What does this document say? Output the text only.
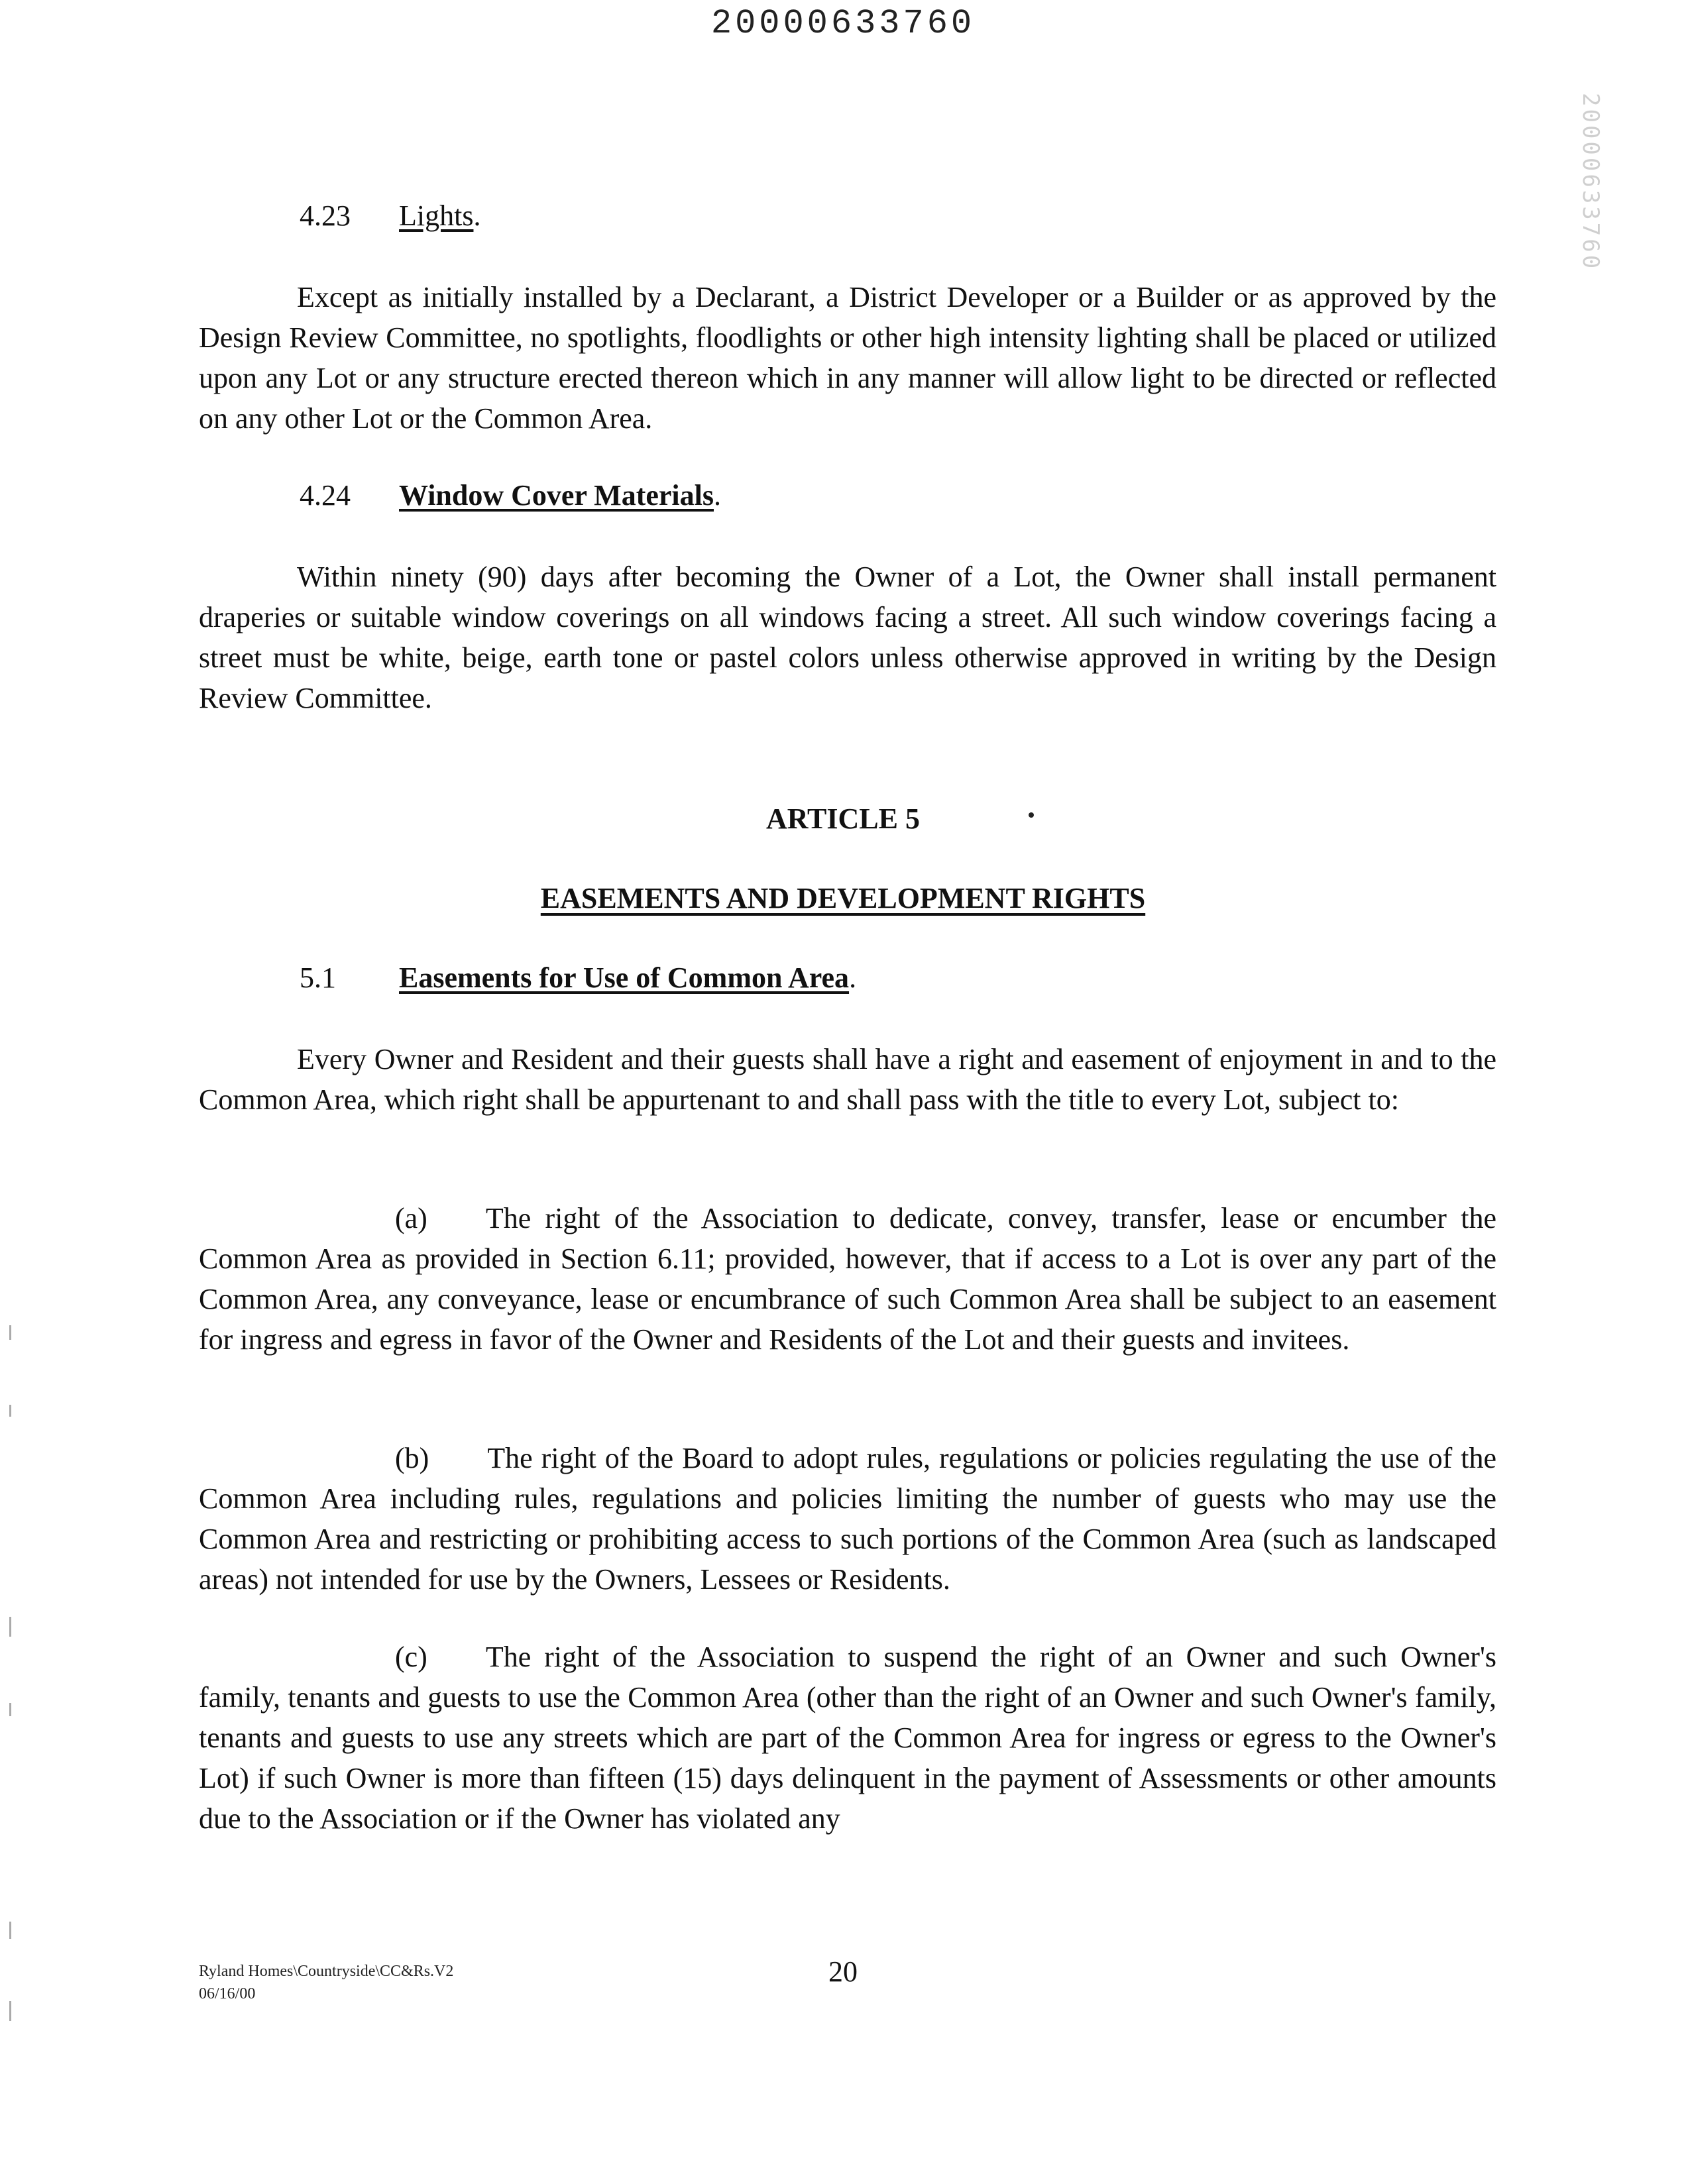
20000633760
20000633760

4.23 Lights.

Except as initially installed by a Declarant, a District Developer or a Builder or as approved by the Design Review Committee, no spotlights, floodlights or other high intensity lighting shall be placed or utilized upon any Lot or any structure erected thereon which in any manner will allow light to be directed or reflected on any other Lot or the Common Area.

4.24 Window Cover Materials.

Within ninety (90) days after becoming the Owner of a Lot, the Owner shall install permanent draperies or suitable window coverings on all windows facing a street. All such window coverings facing a street must be white, beige, earth tone or pastel colors unless otherwise approved in writing by the Design Review Committee.

ARTICLE 5

EASEMENTS AND DEVELOPMENT RIGHTS

5.1 Easements for Use of Common Area.

Every Owner and Resident and their guests shall have a right and easement of enjoyment in and to the Common Area, which right shall be appurtenant to and shall pass with the title to every Lot, subject to:

(a)  The right of the Association to dedicate, convey, transfer, lease or encumber the Common Area as provided in Section 6.11; provided, however, that if access to a Lot is over any part of the Common Area, any conveyance, lease or encumbrance of such Common Area shall be subject to an easement for ingress and egress in favor of the Owner and Residents of the Lot and their guests and invitees.

(b)  The right of the Board to adopt rules, regulations or policies regulating the use of the Common Area including rules, regulations and policies limiting the number of guests who may use the Common Area and restricting or prohibiting access to such portions of the Common Area (such as landscaped areas) not intended for use by the Owners, Lessees or Residents.

(c)  The right of the Association to suspend the right of an Owner and such Owner's family, tenants and guests to use the Common Area (other than the right of an Owner and such Owner's family, tenants and guests to use any streets which are part of the Common Area for ingress or egress to the Owner's Lot) if such Owner is more than fifteen (15) days delinquent in the payment of Assessments or other amounts due to the Association or if the Owner has violated any

Ryland Homes\Countryside\CC&Rs.V2
06/16/00
20
